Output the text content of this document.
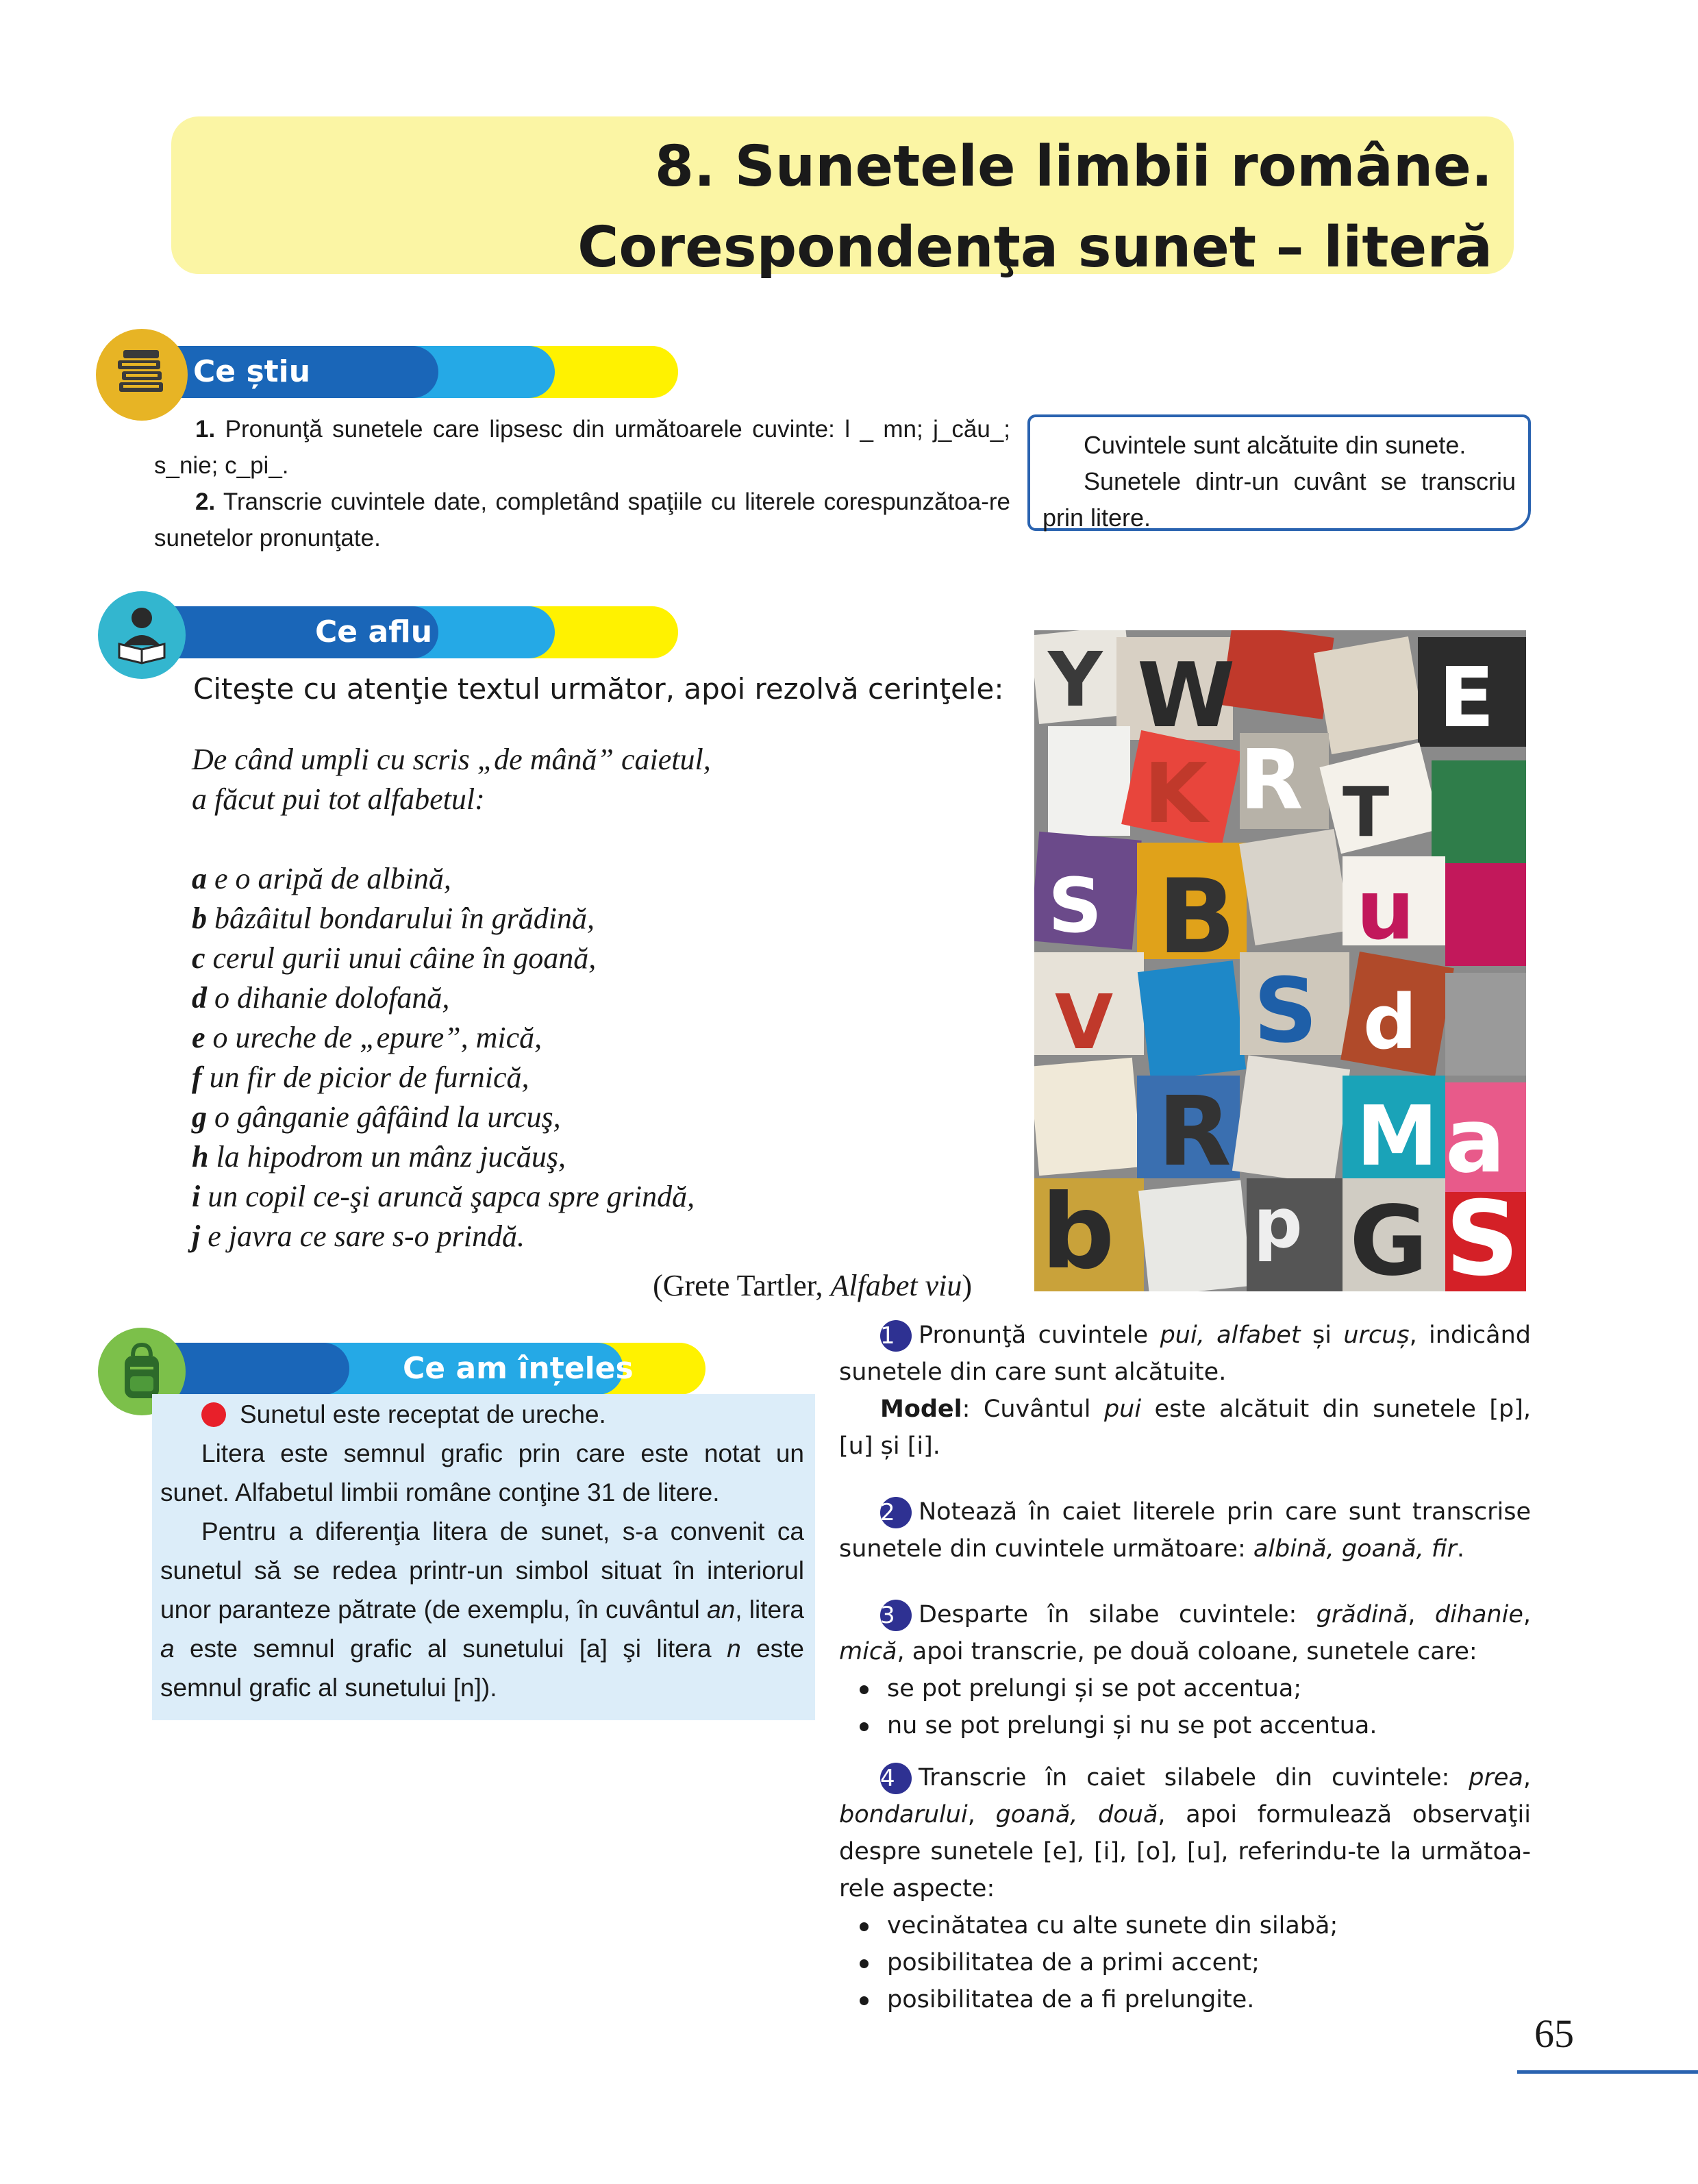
8. Sunetele limbii române.
Corespondenţa sunet – literă
Ce știu
1. Pronunţă sunetele care lipsesc din următoarele cuvinte: l _ mn; j_cău_; s_nie; c_pi_.
2. Transcrie cuvintele date, completând spaţiile cu literele corespunzătoa-re sunetelor pronunţate.
Cuvintele sunt alcătuite din sunete.
Sunetele dintr-un cuvânt se transcriu prin litere.
Ce aflu
Citeşte cu atenţie textul următor, apoi rezolvă cerinţele:
De când umpli cu scris „de mână” caietul,
a făcut pui tot alfabetul:
a e o aripă de albină,
b bâzâitul bondarului în grădină,
c cerul gurii unui câine în goană,
d o dihanie dolofană,
e o ureche de „epure”, mică,
f un fir de picior de furnică,
g o gânganie gâfâind la urcuş,
h la hipodrom un mânz jucăuş,
i un copil ce-şi aruncă şapca spre grindă,
j e javra ce sare s-o prindă.
(Grete Tartler, Alfabet viu)
Y W E
R
K T
B
S	u
S d
V
R M a
b G S
p
Ce am înțeles
Sunetul este receptat de ureche.
Litera este semnul grafic prin care este notat un sunet. Alfabetul limbii române conţine 31 de litere.
Pentru a diferenţia litera de sunet, s-a convenit ca sunetul să se redea printr-un simbol situat în interiorul unor paranteze pătrate (de exemplu, în cuvântul an, litera a este semnul grafic al sunetului [a] şi litera n este semnul grafic al sunetului [n]).
1 Pronunţă cuvintele pui, alfabet și urcuș, indicând sunetele din care sunt alcătuite.
Model: Cuvântul pui este alcătuit din sunetele [p], [u] și [i].
2 Notează în caiet literele prin care sunt transcrise sunetele din cuvintele următoare: albină, goană, fir.
3 Desparte în silabe cuvintele: grădină, dihanie, mică, apoi transcrie, pe două coloane, sunetele care:
se pot prelungi și se pot accentua;
nu se pot prelungi și nu se pot accentua.
4 Transcrie în caiet silabele din cuvintele: prea, bondarului, goană, două, apoi formulează observaţii despre sunetele [e], [i], [o], [u], referindu-te la următoa-rele aspecte:
vecinătatea cu alte sunete din silabă;
posibilitatea de a primi accent;
posibilitatea de a fi prelungite.
65
